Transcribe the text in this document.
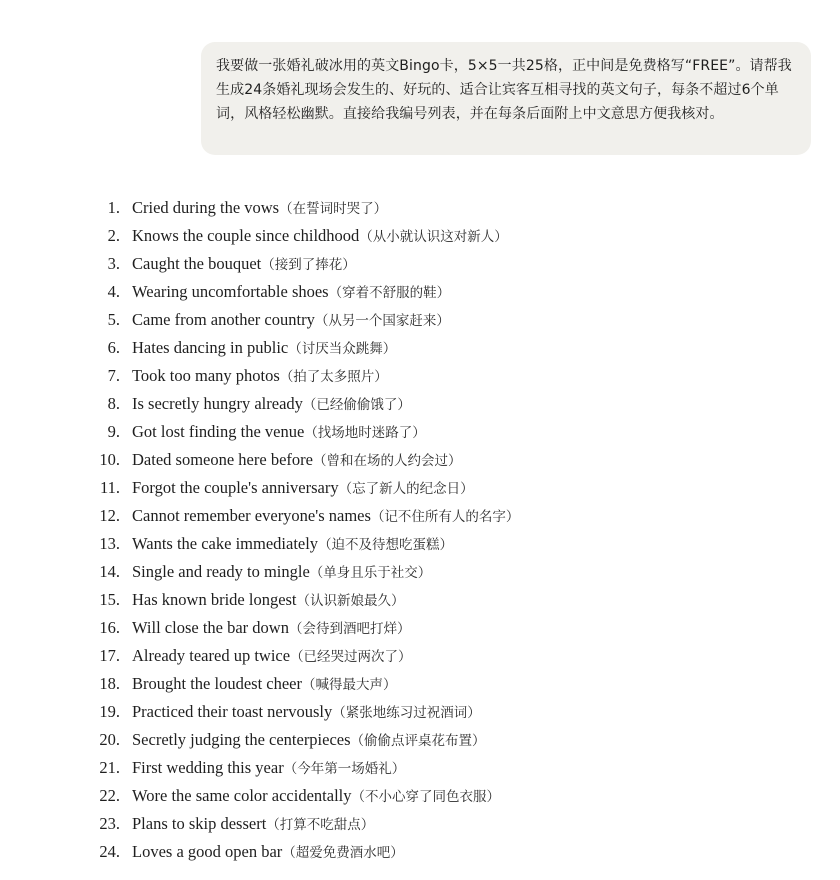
我要做一张婚礼破冰用的英文Bingo卡，5×5一共25格，正中间是免费格写“FREE”。请帮我生成24条婚礼现场会发生的、好玩的、适合让宾客互相寻找的英文句子，每条不超过6个单词，风格轻松幽默。直接给我编号列表，并在每条后面附上中文意思方便我核对。
1. Cried during the vows（在誓词时哭了）
2. Knows the couple since childhood（从小就认识这对新人）
3. Caught the bouquet（接到了捧花）
4. Wearing uncomfortable shoes（穿着不舒服的鞋）
5. Came from another country（从另一个国家赶来）
6. Hates dancing in public（讨厌当众跳舞）
7. Took too many photos（拍了太多照片）
8. Is secretly hungry already（已经偷偷饿了）
9. Got lost finding the venue（找场地时迷路了）
10. Dated someone here before（曾和在场的人约会过）
11. Forgot the couple's anniversary（忘了新人的纪念日）
12. Cannot remember everyone's names（记不住所有人的名字）
13. Wants the cake immediately（迫不及待想吃蛋糕）
14. Single and ready to mingle（单身且乐于社交）
15. Has known bride longest（认识新娘最久）
16. Will close the bar down（会待到酒吧打烊）
17. Already teared up twice（已经哭过两次了）
18. Brought the loudest cheer（喊得最大声）
19. Practiced their toast nervously（紧张地练习过祝酒词）
20. Secretly judging the centerpieces（偷偷点评桌花布置）
21. First wedding this year（今年第一场婚礼）
22. Wore the same color accidentally（不小心穿了同色衣服）
23. Plans to skip dessert（打算不吃甜点）
24. Loves a good open bar（超爱免费酒水吧）
